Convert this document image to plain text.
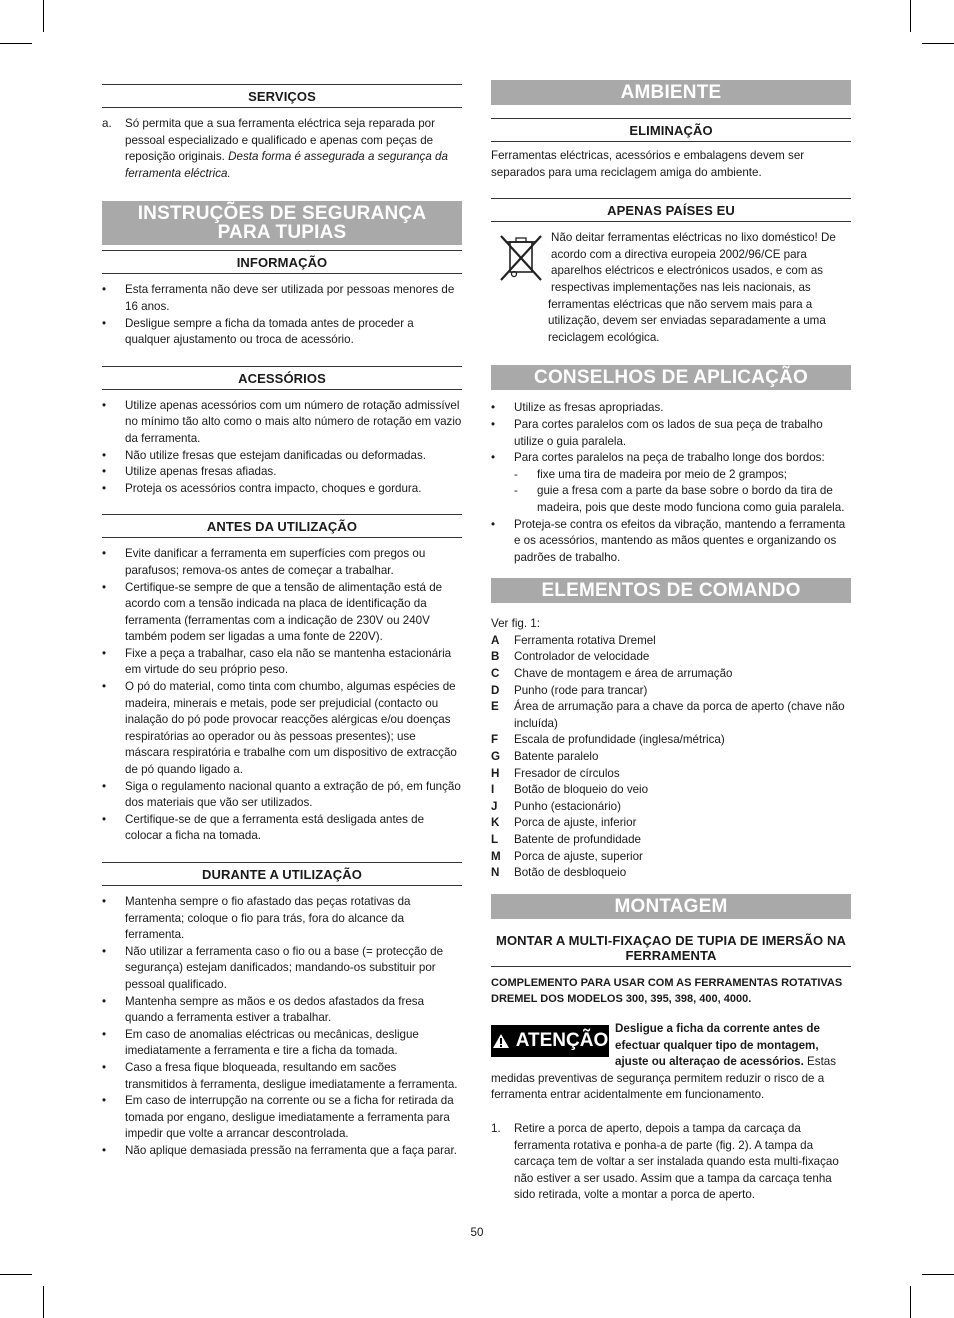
SERVIÇOS
a. Só permita que a sua ferramenta eléctrica seja reparada por pessoal especializado e qualificado e apenas com peças de reposição originais. Desta forma é assegurada a segurança da ferramenta eléctrica.
INSTRUÇÕES DE SEGURANÇA PARA TUPIAS
INFORMAÇÃO
•	Esta ferramenta não deve ser utilizada por pessoas menores de 16 anos.
•	Desligue sempre a ficha da tomada antes de proceder a qualquer ajustamento ou troca de acessório.
ACESSÓRIOS
•	Utilize apenas acessórios com um número de rotação admissível no mínimo tão alto como o mais alto número de rotação em vazio da ferramenta.
•	Não utilize fresas que estejam danificadas ou deformadas.
•	Utilize apenas fresas afiadas.
•	Proteja os acessórios contra impacto, choques e gordura.
ANTES DA UTILIZAÇÃO
•	Evite danificar a ferramenta em superfícies com pregos ou parafusos; remova-os antes de começar a trabalhar.
•	Certifique-se sempre de que a tensão de alimentação está de acordo com a tensão indicada na placa de identificação da ferramenta (ferramentas com a indicação de 230V ou 240V também podem ser ligadas a uma fonte de 220V).
•	Fixe a peça a trabalhar, caso ela não se mantenha estacionária em virtude do seu próprio peso.
•	O pó do material, como tinta com chumbo, algumas espécies de madeira, minerais e metais, pode ser prejudicial (contacto ou inalação do pó pode provocar reacções alérgicas e/ou doenças respiratórias ao operador ou às pessoas presentes); use máscara respiratória e trabalhe com um dispositivo de extracção de pó quando ligado a.
•	Siga o regulamento nacional quanto a extração de pó, em função dos materiais que vão ser utilizados.
•	Certifique-se de que a ferramenta está desligada antes de colocar a ficha na tomada.
DURANTE A UTILIZAÇÃO
•	Mantenha sempre o fio afastado das peças rotativas da ferramenta; coloque o fio para trás, fora do alcance da ferramenta.
•	Não utilizar a ferramenta caso o fio ou a base (= protecção de segurança) estejam danificados; mandando-os substituir por pessoal qualificado.
•	Mantenha sempre as mãos e os dedos afastados da fresa quando a ferramenta estiver a trabalhar.
•	Em caso de anomalias eléctricas ou mecânicas, desligue imediatamente a ferramenta e tire a ficha da tomada.
•	Caso a fresa fique bloqueada, resultando em sacões transmitidos à ferramenta, desligue imediatamente a ferramenta.
•	Em caso de interrupção na corrente ou se a ficha for retirada da tomada por engano, desligue imediatamente a ferramenta para impedir que volte a arrancar descontrolada.
•	Não aplique demasiada pressão na ferramenta que a faça parar.
AMBIENTE
ELIMINAÇÃO

Ferramentas eléctricas, acessórios e embalagens devem ser separados para uma reciclagem amiga do ambiente.

APENAS PAÍSES EU
Não deitar ferramentas eléctricas no lixo doméstico! De acordo com a directiva europeia 2002/96/CE para aparelhos eléctricos e electrónicos usados, e com as respectivas implementações nas leis nacionais, as ferramentas eléctricas que não servem mais para a utilização, devem ser enviadas separadamente a uma reciclagem ecológica.
CONSELHOS DE APLICAÇÃO
•	Utilize as fresas apropriadas.
•	Para cortes paralelos com os lados de sua peça de trabalho utilize o guia paralela.
•	Para cortes paralelos na peça de trabalho longe dos bordos:
- fixe uma tira de madeira por meio de 2 grampos;
- guie a fresa com a parte da base sobre o bordo da tira de madeira, pois que deste modo funciona como guia paralela.
•	Proteja-se contra os efeitos da vibração, mantendo a ferramenta e os acessórios, mantendo as mãos quentes e organizando os padrões de trabalho.
ELEMENTOS DE COMANDO

Ver fig. 1:

A	Ferramenta rotativa Dremel
B	Controlador de velocidade
C	Chave de montagem e área de arrumação
D	Punho (rode para trancar)
E	Área de arrumação para a chave da porca de aperto (chave não incluída)
F	Escala de profundidade (inglesa/métrica)
G	Batente paralelo
H	Fresador de círculos
I	Botão de bloqueio do veio
J	Punho (estacionário)
K	Porca de ajuste, inferior
L	Batente de profundidade
M	Porca de ajuste, superior
N	Botão de desbloqueio
MONTAGEM
MONTAR A MULTI-FIXAÇAO DE TUPIA DE IMERSÃO NA FERRAMENTA

COMPLEMENTO PARA USAR COM AS FERRAMENTAS ROTATIVAS DREMEL DOS MODELOS 300, 395, 398, 400, 4000.

ATENÇÃO
Desligue a ficha da corrente antes de efectuar qualquer tipo de montagem, ajuste ou alteraçao de acessórios. Estas medidas preventivas de segurança permitem reduzir o risco de a ferramenta entrar acidentalmente em funcionamento.
1. Retire a porca de aperto, depois a tampa da carcaça da ferramenta rotativa e ponha-a de parte (fig. 2). A tampa da carcaça tem de voltar a ser instalada quando esta multi-fixaçao não estiver a ser usado. Assim que a tampa da carcaça tenha sido retirada, volte a montar a porca de aperto.
50
